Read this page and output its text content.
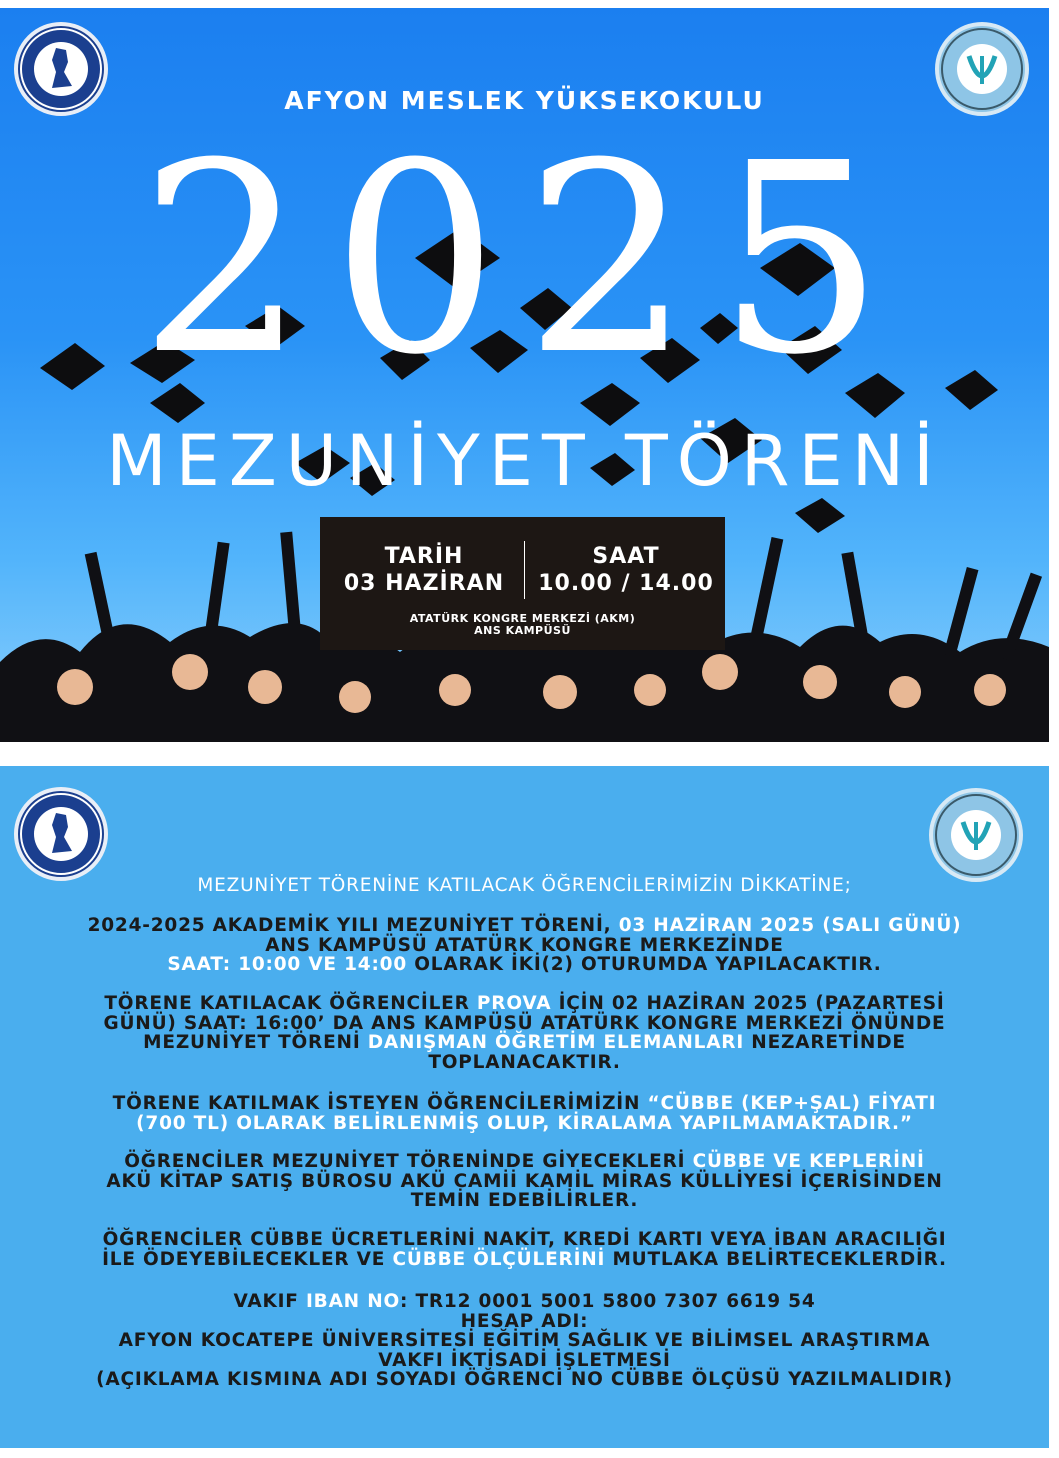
AFYON MESLEK YÜKSEKOKULU
2025
MEZUNİYET TÖRENİ
TARİH
03 HAZİRAN
SAAT
10.00 / 14.00
ATATÜRK KONGRE MERKEZİ (AKM)
ANS KAMPÜSÜ
MEZUNİYET TÖRENİNE KATILACAK ÖĞRENCİLERİMİZİN DİKKATİNE;
2024-2025 AKADEMİK YILI MEZUNİYET TÖRENİ, 03 HAZİRAN 2025 (SALI GÜNÜ)
ANS KAMPÜSÜ ATATÜRK KONGRE MERKEZİNDE
SAAT: 10:00 VE 14:00 OLARAK İKİ(2) OTURUMDA YAPILACAKTIR.
TÖRENE KATILACAK ÖĞRENCİLER PROVA İÇİN 02 HAZİRAN 2025 (PAZARTESİ
GÜNÜ) SAAT: 16:00’ DA ANS KAMPÜSÜ ATATÜRK KONGRE MERKEZİ ÖNÜNDE
MEZUNİYET TÖRENİ DANIŞMAN ÖĞRETİM ELEMANLARI NEZARETİNDE
TOPLANACAKTIR.
TÖRENE KATILMAK İSTEYEN ÖĞRENCİLERİMİZİN “CÜBBE (KEP+ŞAL) FİYATI
(700 TL) OLARAK BELİRLENMİŞ OLUP, KİRALAMA YAPILMAMAKTADIR.”
ÖĞRENCİLER MEZUNİYET TÖRENİNDE GİYECEKLERİ CÜBBE VE KEPLERİNİ
AKÜ KİTAP SATIŞ BÜROSU AKÜ CAMİİ KAMİL MİRAS KÜLLİYESİ İÇERİSİNDEN
TEMİN EDEBİLİRLER.
ÖĞRENCİLER CÜBBE ÜCRETLERİNİ NAKİT, KREDİ KARTI VEYA İBAN ARACILIĞI
İLE ÖDEYEBİLECEKLER VE CÜBBE ÖLÇÜLERİNİ MUTLAKA BELİRTECEKLERDİR.
VAKIF IBAN NO: TR12 0001 5001 5800 7307 6619 54
HESAP ADI:
AFYON KOCATEPE ÜNİVERSİTESİ EĞİTİM SAĞLIK VE BİLİMSEL ARAŞTIRMA
VAKFI İKTİSADİ İŞLETMESİ
(AÇIKLAMA KISMINA ADI SOYADI ÖĞRENCİ NO CÜBBE ÖLÇÜSÜ YAZILMALIDIR)
